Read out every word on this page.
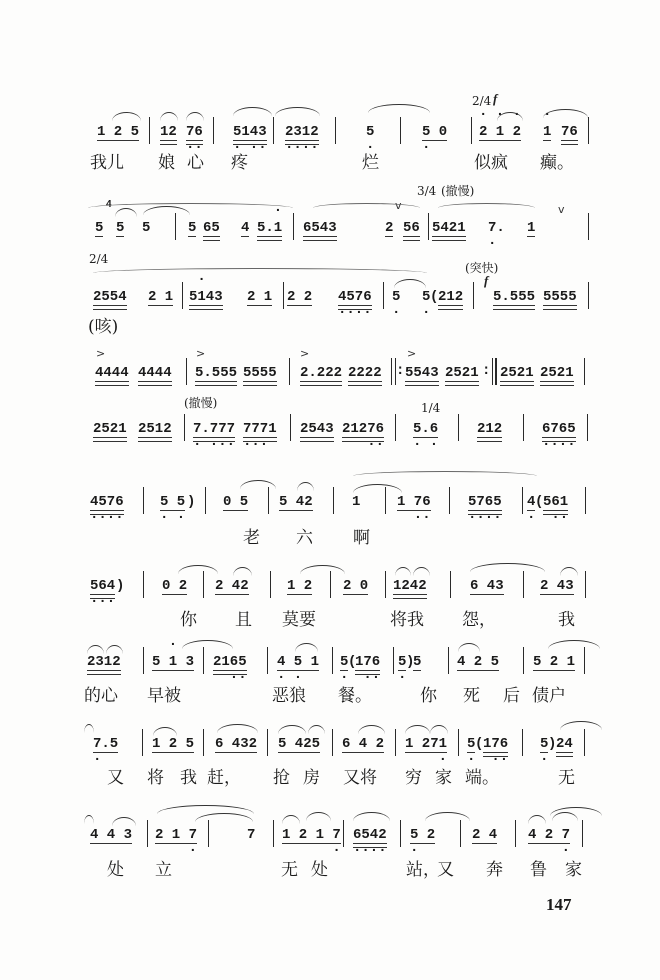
2/4 f
1 2 5 12 76
··
5143
· ··
2312
····
5
·
5 0
·
2 1 2
· · ·
1
·
76
我儿 娘 心 疼	烂	似疯 癫。
3/4 (撤慢)
4	v	v
5 5 5	5 65 4 5.1
·
6543	2 56 5421 7.
·
1
2/4
(突快)
f
2554 2 1 5143
·
2 1 2 2 4576
····
5
·
5
·
( 212 5.555 5555
(咳)
>	>	>	>
4444 4444 5.555 5555 2.222 2222 5543 2521 2521 2521
:	:
(撤慢)	1/4
2521 2512 7.777
· ···
7771
···
2543 21276
··
5.6
· ·
212	6765
····
4576
····
5 5
· ·
) 0 5 5 42	1	1 76
··
5765
····
4
·
( 561
··
老 六 啊
564
···
)	0 2 2 42	1 2 2 0 1242	6 43	2 43
你 且 莫要	将我 怨，	我
2312 5 1 3
·
2165
··
4 5 1
· ·
5
·
(
176
··
5
·
)
5	4 2 5 5 2 1
的心 早被	恶狼 餐。	你 死 后 债户
7.5
·
1 2 5 6 432 5 425 6 4 2 1 271
·
5
·
( 176
··
5
·
) 24
又 将 我 赶， 抢 房 又将 穷 家 端。	无
4 4 3 2 1 7
·
7 1 2 1 7
·
6542
····
5 2
·
2 4 4 2 7
·
处 立	无 处	站，
又 奔 鲁 家
147
